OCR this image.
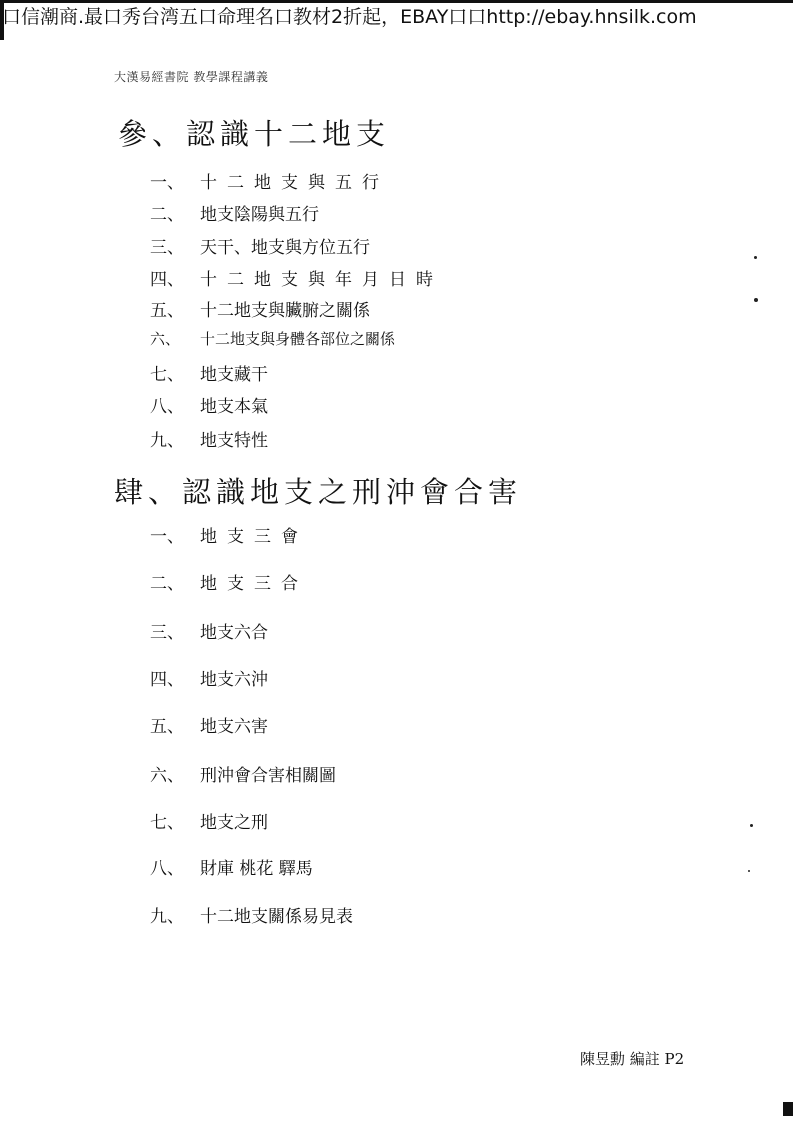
口信潮商.最口秀台湾五口命理名口教材2折起，EBAY口口http://ebay.hnsilk.com
大漢易經書院 教學課程講義
參、認識十二地支
一、 十二地支與五行
二、 地支陰陽與五行
三、 天干、地支與方位五行
四、 十二地支與年月日時
五、 十二地支與臟腑之關係
六、 十二地支與身體各部位之關係
七、 地支藏干
八、 地支本氣
九、 地支特性
肆、認識地支之刑沖會合害
一、 地支三會
二、 地支三合
三、 地支六合
四、 地支六沖
五、 地支六害
六、 刑沖會合害相關圖
七、 地支之刑
八、 財庫 桃花 驛馬
九、 十二地支關係易見表
陳昱勳 編註 P2
